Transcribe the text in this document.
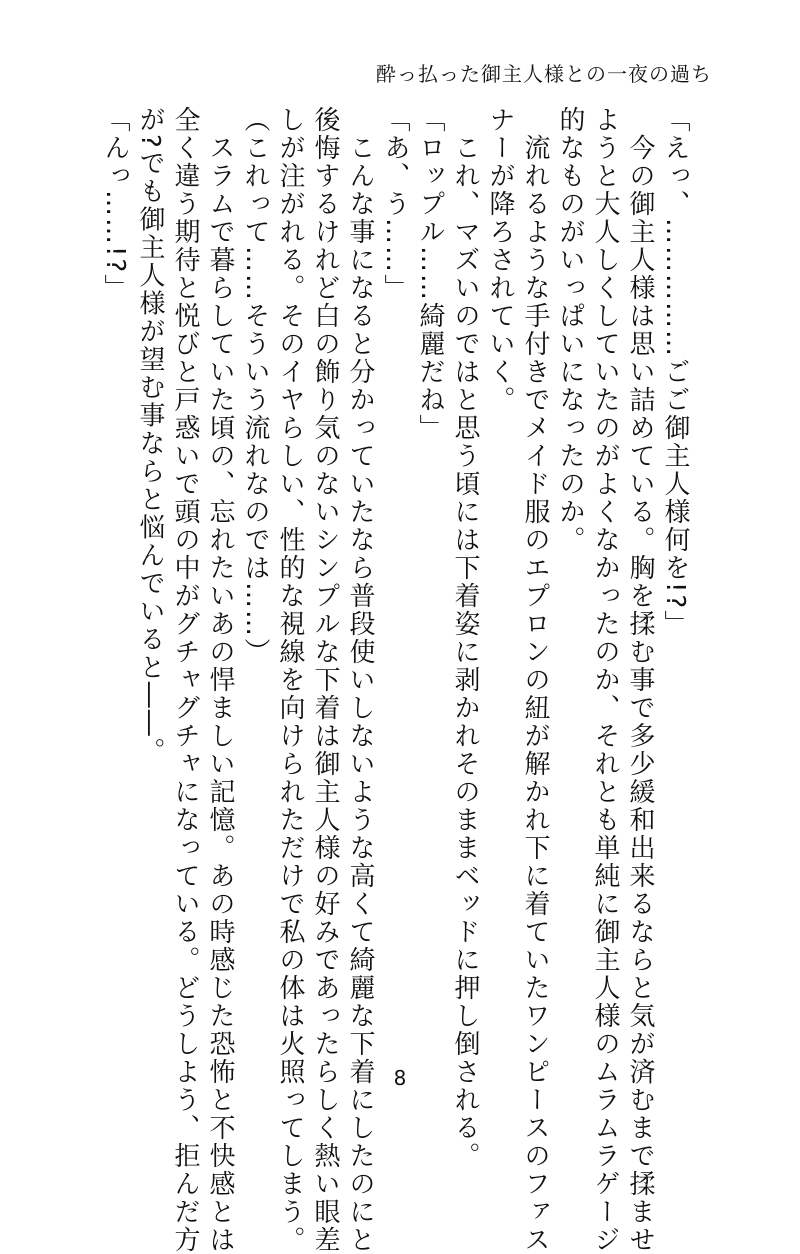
酔っ払った御主人様との一夜の過ち
「えっ、……………ごご御主人様何を!?」
　今の御主人様は思い詰めている。胸を揉む事で多少緩和出来るならと気が済むまで揉ませ
ようと大人しくしていたのがよくなかったのか、それとも単純に御主人様のムラムラゲージ
的なものがいっぱいになったのか。
　流れるような手付きでメイド服のエプロンの紐が解かれ下に着ていたワンピースのファス
ナーが降ろされていく。
　これ、マズいのではと思う頃には下着姿に剥かれそのままベッドに押し倒される。
「ロップル……綺麗だね」
「あ、う……」
　こんな事になると分かっていたなら普段使いしないような高くて綺麗な下着にしたのにと
後悔するけれど白の飾り気のないシンプルな下着は御主人様の好みであったらしく熱い眼差
しが注がれる。そのイヤらしい、性的な視線を向けられただけで私の体は火照ってしまう。
（これって……そういう流れなのでは……）
　スラムで暮らしていた頃の、忘れたいあの悍ましい記憶。あの時感じた恐怖と不快感とは
全く違う期待と悦びと戸惑いで頭の中がグチャグチャになっている。どうしよう、拒んだ方
が?でも御主人様が望む事ならと悩んでいると――。
「んっ……!?」
8
